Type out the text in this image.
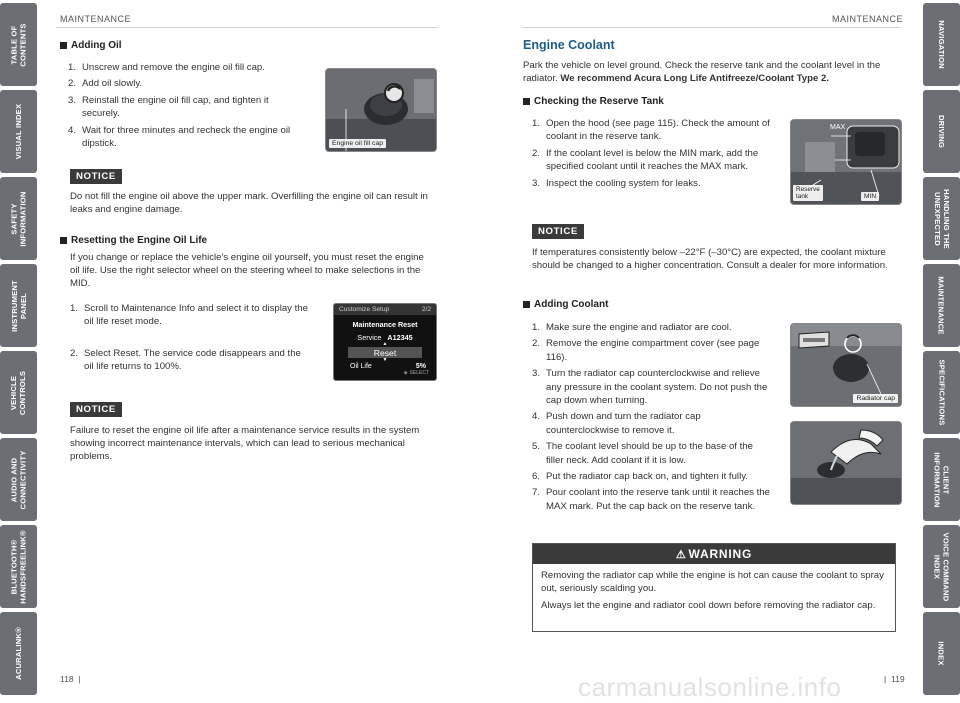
TABLE OF
CONTENTS
VISUAL INDEX
SAFETY
INFORMATION
INSTRUMENT
PANEL
VEHICLE
CONTROLS
AUDIO AND
CONNECTIVITY
BLUETOOTH®
HANDSFREELINK®
ACURALINK®
NAVIGATION
DRIVING
HANDLING THE
UNEXPECTED
MAINTENANCE
SPECIFICATIONS
CLIENT
INFORMATION
VOICE COMMAND
INDEX
INDEX
MAINTENANCE	MAINTENANCE
Adding Oil
1. Unscrew and remove the engine oil fill cap.
2. Add oil slowly.
3. Reinstall the engine oil fill cap, and tighten it securely.
4. Wait for three minutes and recheck the engine oil dipstick.	Engine oil fill cap
NOTICE
Do not fill the engine oil above the upper mark. Overfilling the engine oil can result in leaks and engine damage.
Resetting the Engine Oil Life
If you change or replace the vehicle's engine oil yourself, you must reset the engine oil life. Use the right selector wheel on the steering wheel to make selections in the MID.
1. Scroll to Maintenance Info and select it to display the oil life reset mode.
2. Select Reset. The service code disappears and the oil life returns to 100%.
Customize Setup	2/2
Maintenance Reset
Service A12345
▲
Reset
▼
Oil Life	5%
◈ SELECT
NOTICE
Failure to reset the engine oil life after a maintenance service results in the system showing incorrect maintenance intervals, which can lead to serious mechanical problems.
Engine Coolant
Park the vehicle on level ground. Check the reserve tank and the coolant level in the radiator. We recommend Acura Long Life Antifreeze/Coolant Type 2.
Checking the Reserve Tank
1. Open the hood (see page 115). Check the amount of coolant in the reserve tank.
2. If the coolant level is below the MIN mark, add the specified coolant until it reaches the MAX mark.
3. Inspect the cooling system for leaks.
MAX
Reserve
tank	MIN
NOTICE
If temperatures consistently below –22°F (–30°C) are expected, the coolant mixture should be changed to a higher concentration. Consult a dealer for more information.
Adding Coolant
1. Make sure the engine and radiator are cool.
2. Remove the engine compartment cover (see page 116).
3. Turn the radiator cap counterclockwise and relieve any pressure in the coolant system. Do not push the cap down when turning.
4. Push down and turn the radiator cap counterclockwise to remove it.
5. The coolant level should be up to the base of the filler neck. Add coolant if it is low.
6. Put the radiator cap back on, and tighten it fully.
7. Pour coolant into the reserve tank until it reaches the MAX mark. Put the cap back on the reserve tank.
Radiator cap
⚠ WARNING
Removing the radiator cap while the engine is hot can cause the coolant to spray out, seriously scalding you.
Always let the engine and radiator cool down before removing the radiator cap.
118  |	|  119
carmanualsonline.info
